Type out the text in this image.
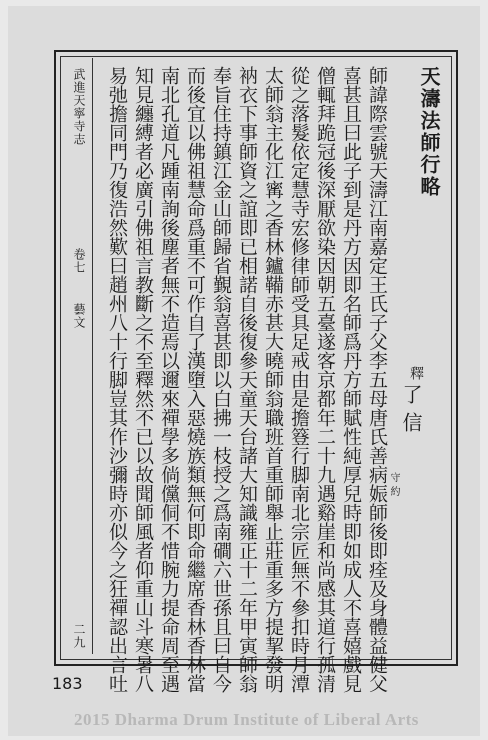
武進天寧寺志
卷七
藝文
二九
天濤法師行略
釋
了信
守約
師諱際雲號天濤江南嘉定王氏子父李五母唐氏善病娠師後即痊及身體益健父
喜甚且曰此子到是丹方因即名師爲丹方師賦性純厚兒時即如成人不喜嬉戲見
僧輒拜跪冠後深厭欲染因朝五臺遂客京都年二十九遇谿崖和尚感其道行孤清
從之落髮依定慧寺宏修律師受具足戒由是擔簦行脚南北宗匠無不參扣時月潭
太師翁主化江寗之香林鑪鞴赤甚大曉師翁職班首重師舉止莊重多方提挈發明
衲衣下事師資之誼即已相諾自後復參天童天台諸大知識雍正十二年甲寅師翁
奉旨住持鎮江金山師歸省覲翁喜甚即以白拂一枝授之爲南磵六世孫且曰自今
而後宜以佛祖慧命爲重不可作自了漢墮入惡燒族類無何即命繼席香林香林當
南北孔道凡踵南詢後塵者無不造焉以邇來禪學多倘儻侗不惜腕力提命周至遇
知見纏縛者必廣引佛祖言教斷之不至釋然不已以故聞師風者仰重山斗寒暑八
易弛擔同門乃復浩然歎曰趙州八十行脚豈其作沙彌時亦似今之狂禪認出言吐
183
2015 Dharma Drum Institute of Liberal Arts
